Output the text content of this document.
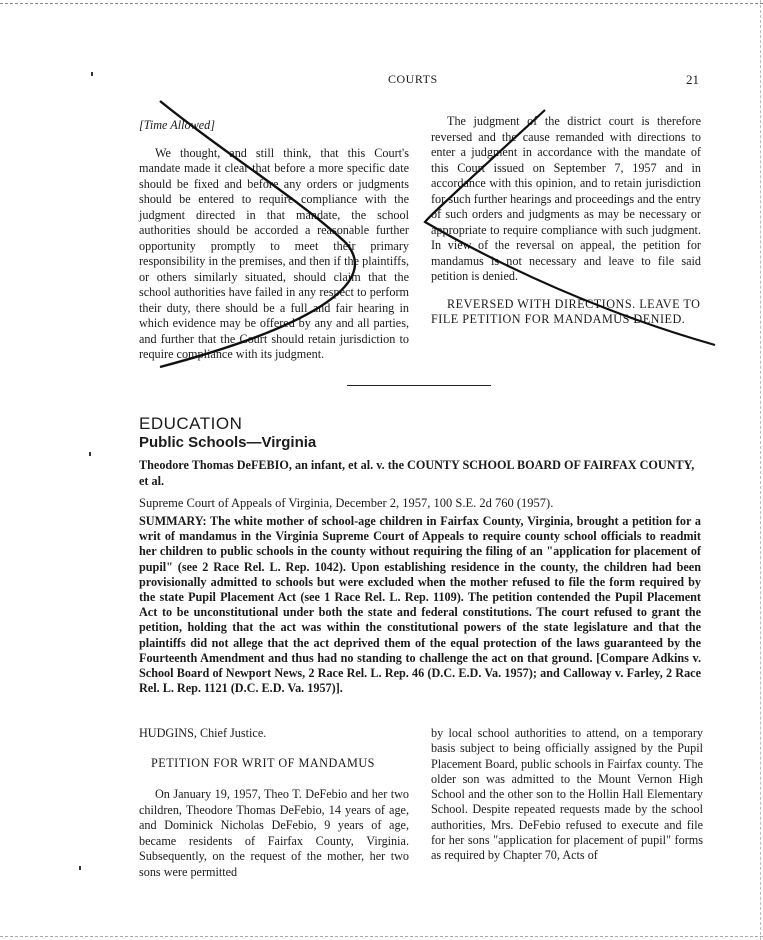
COURTS	21

[Time Allowed]

We thought, and still think, that this Court's mandate made it clear that before a more specific date should be fixed and before any orders or judgments should be entered to require compliance with the judgment directed in that mandate, the school authorities should be accorded a reasonable further opportunity promptly to meet their primary responsibility in the premises, and then if the plaintiffs, or others similarly situated, should claim that the school authorities have failed in any respect to perform their duty, there should be a full and fair hearing in which evidence may be offered by any and all parties, and further that the Court should retain jurisdiction to require compliance with its judgment.

The judgment of the district court is therefore reversed and the cause remanded with directions to enter a judgment in accordance with the mandate of this Court issued on September 7, 1957 and in accordance with this opinion, and to retain jurisdiction for such further hearings and proceedings and the entry of such orders and judgments as may be necessary or appropriate to require compliance with such judgment. In view of the reversal on appeal, the petition for mandamus is not necessary and leave to file said petition is denied.

REVERSED WITH DIRECTIONS. LEAVE TO FILE PETITION FOR MANDAMUS DENIED.

EDUCATION
Public Schools—Virginia
Theodore Thomas DeFEBIO, an infant, et al. v. the COUNTY SCHOOL BOARD OF FAIRFAX COUNTY, et al.
Supreme Court of Appeals of Virginia, December 2, 1957, 100 S.E. 2d 760 (1957).
SUMMARY: The white mother of school-age children in Fairfax County, Virginia, brought a petition for a writ of mandamus in the Virginia Supreme Court of Appeals to require county school officials to readmit her children to public schools in the county without requiring the filing of an "application for placement of pupil" (see 2 Race Rel. L. Rep. 1042). Upon establishing residence in the county, the children had been provisionally admitted to schools but were excluded when the mother refused to file the form required by the state Pupil Placement Act (see 1 Race Rel. L. Rep. 1109). The petition contended the Pupil Placement Act to be unconstitutional under both the state and federal constitutions. The court refused to grant the petition, holding that the act was within the constitutional powers of the state legislature and that the plaintiffs did not allege that the act deprived them of the equal protection of the laws guaranteed by the Fourteenth Amendment and thus had no standing to challenge the act on that ground. [Compare Adkins v. School Board of Newport News, 2 Race Rel. L. Rep. 46 (D.C. E.D. Va. 1957); and Calloway v. Farley, 2 Race Rel. L. Rep. 1121 (D.C. E.D. Va. 1957)].

HUDGINS, Chief Justice.

PETITION FOR WRIT OF MANDAMUS

On January 19, 1957, Theo T. DeFebio and her two children, Theodore Thomas DeFebio, 14 years of age, and Dominick Nicholas DeFebio, 9 years of age, became residents of Fairfax County, Virginia. Subsequently, on the request of the mother, her two sons were permitted

by local school authorities to attend, on a temporary basis subject to being officially assigned by the Pupil Placement Board, public schools in Fairfax county. The older son was admitted to the Mount Vernon High School and the other son to the Hollin Hall Elementary School. Despite repeated requests made by the school authorities, Mrs. DeFebio refused to execute and file for her sons "application for placement of pupil" forms as required by Chapter 70, Acts of
